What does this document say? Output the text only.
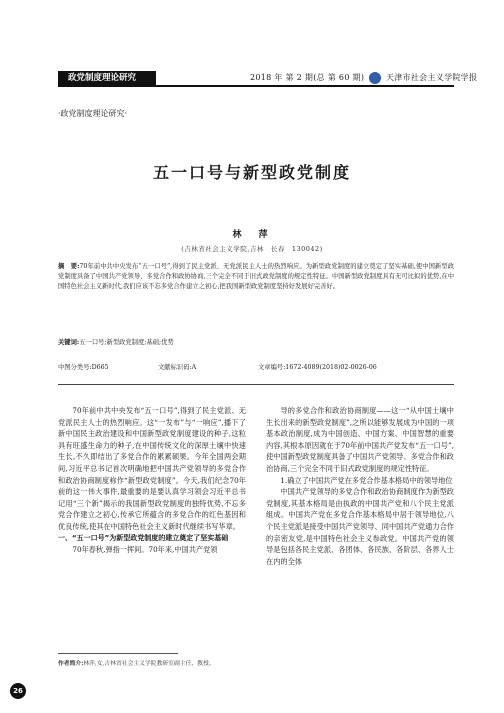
政党制度理论研究	2018 年 第 2 期(总 第 60 期)	天津市社会主义学院学报
·政党制度理论研究·
五一口号与新型政党制度
林　萍
(吉林省社会主义学院,吉林　长春　130042)
摘　要:70年前中共中央发布“五一口号”,得到了民主党派、无党派民主人士的热烈响应。为新型政党制度的建立奠定了坚实基础,使中国新型政党制度具备了中国共产党领导、多党合作和政协协商,三个完全不同于旧式政党制度的规定性特征。中国新型政党制度具有无可比拟的优势,在中国特色社会主义新时代,我们应该不忘多党合作建立之初心,把我国新型政党制度坚持好发展好完善好。
关键词:五一口号;新型政党制度;基础;优势
中图分类号:D665	文献标识码:A	文章编号:1672-4089(2018)02-0026-06

70年前中共中央发布“五一口号”,得到了民主党派、无党派民主人士的热烈响应。这“一发布”与“一响应”,播下了新中国民主政治建设和中国新型政党制度建设的种子,这粒具有旺盛生命力的种子,在中国传统文化的深厚土壤中快速生长,不久即结出了多党合作的累累硕果。今年全国两会期间,习近平总书记首次明确地把中国共产党领导的多党合作和政治协商制度称作“新型政党制度”。今天,我们纪念70年前的这一伟大事件,最重要的是要认真学习领会习近平总书记用“三个新”揭示的我国新型政党制度的独特优势,不忘多党合作建立之初心,传承它所蕴含的多党合作的红色基因和优良传统,使其在中国特色社会主义新时代继续书写华章。

一、“五一口号”为新型政党制度的建立奠定了坚实基础

70年春秋,弹指一挥间。70年来,中国共产党领

导的多党合作和政治协商制度——这一“从中国土壤中生长出来的新型政党制度”,之所以能够发展成为中国的一项基本政治制度,成为中国创造、中国方案、中国智慧的重要内容,其根本原因就在于70年前中国共产党发布“五一口号”,使中国新型政党制度具备了中国共产党领导、多党合作和政治协商,三个完全不同于旧式政党制度的规定性特征。

1.确立了中国共产党在多党合作基本格局中的领导地位

中国共产党领导的多党合作和政治协商制度作为新型政党制度,其基本格局是由执政的中国共产党和八个民主党派组成。中国共产党在多党合作基本格局中居于领导地位,八个民主党派是接受中国共产党领导、同中国共产党通力合作的亲密友党,是中国特色社会主义参政党。中国共产党的领导是包括各民主党派、各团体、各民族、各阶层、各界人士在内的全体

作者简介:林萍,女,吉林省社会主义学院教研室副主任、教授。
26
